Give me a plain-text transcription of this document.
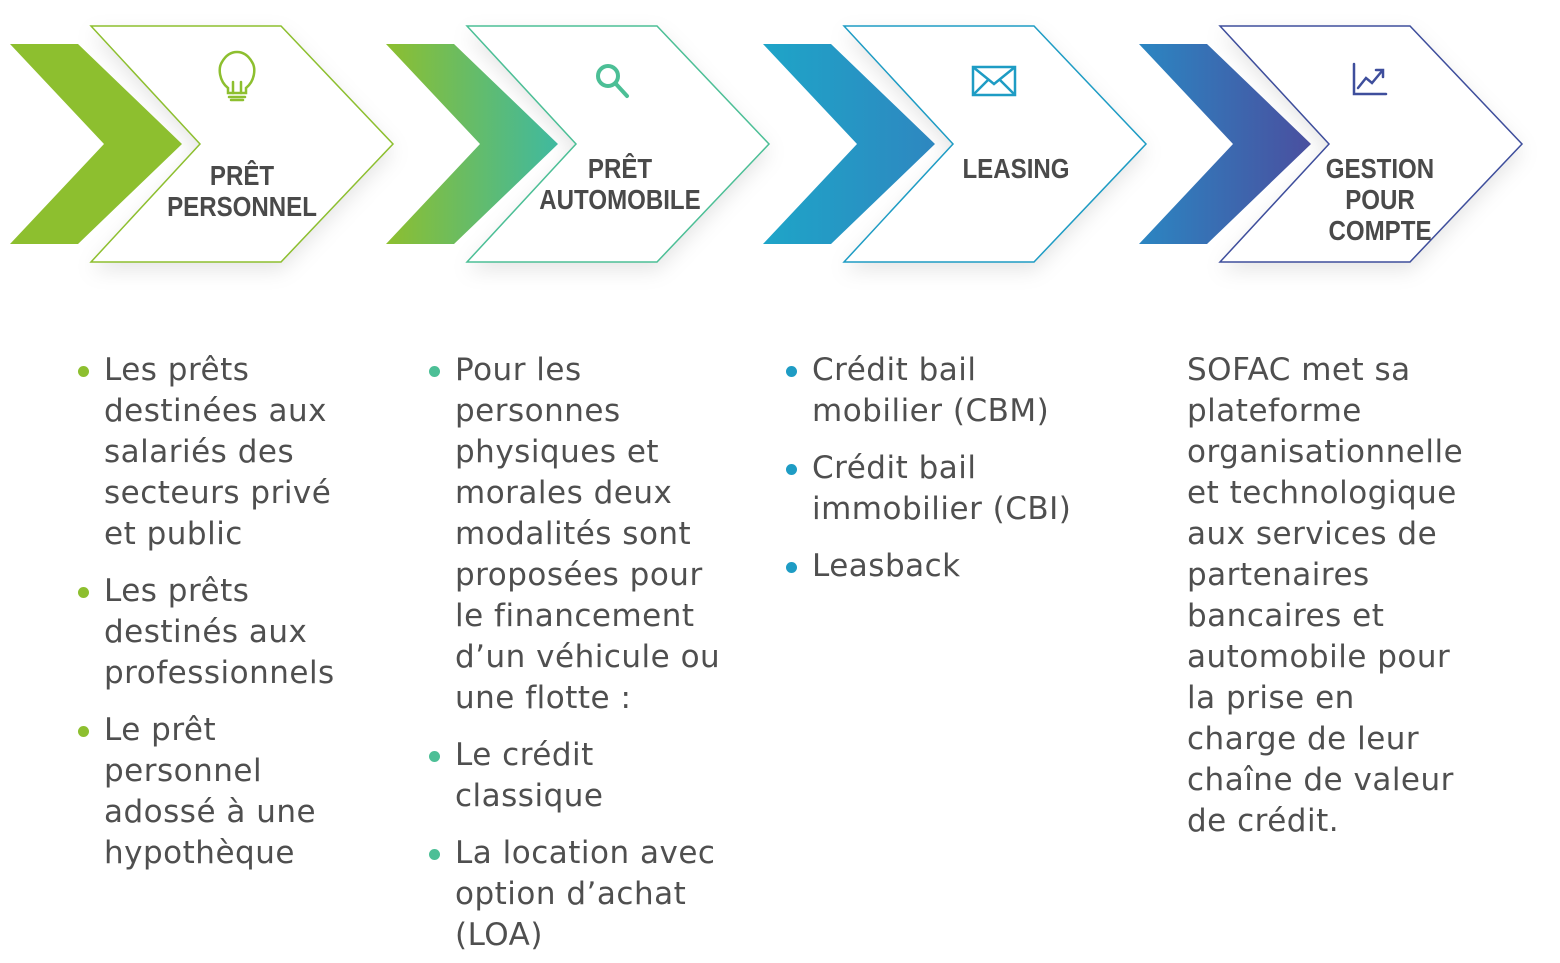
PRÊT
PERSONNEL
PRÊT
AUTOMOBILE
LEASING	GESTION
POUR
COMPTE
Les prêts destinées aux salariés des secteurs privé et public
Les prêts destinés aux professionnels
Le prêt personnel adossé à une hypothèque
Pour les personnes physiques et morales deux modalités sont proposées pour le financement d’un véhicule ou une flotte :
Le crédit classique
La location avec option d’achat (LOA)
Crédit bail mobilier (CBM)
Crédit bail immobilier (CBI)
Leasback

SOFAC met sa plateforme organisationnelle et technologique aux services de partenaires bancaires et automobile pour la prise en charge de leur chaîne de valeur de crédit.
